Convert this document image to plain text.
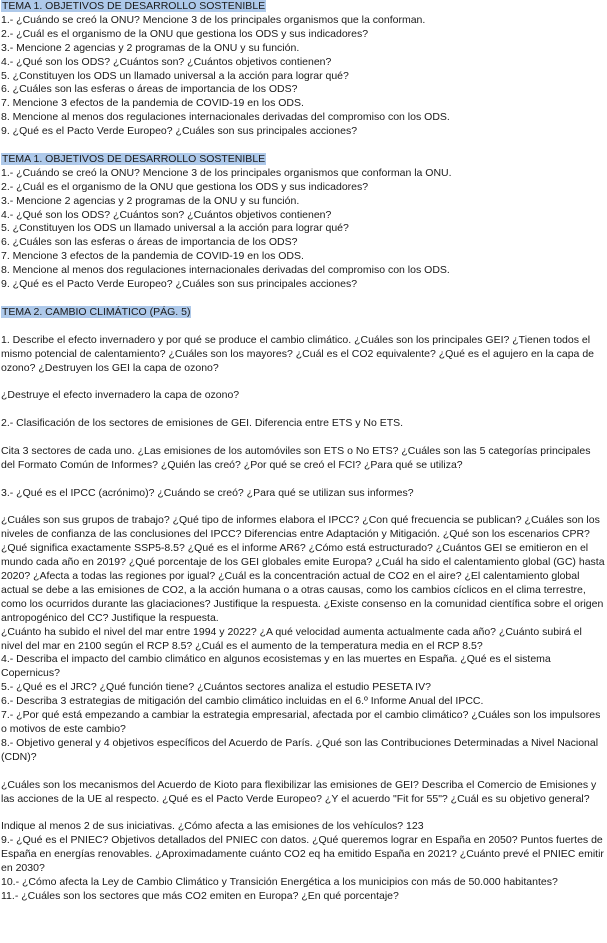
TEMA 1. OBJETIVOS DE DESARROLLO SOSTENIBLE
1.- ¿Cuándo se creó la ONU? Mencione 3 de los principales organismos que la conforman.
2.- ¿Cuál es el organismo de la ONU que gestiona los ODS y sus indicadores?
3.- Mencione 2 agencias y 2 programas de la ONU y su función.
4.- ¿Qué son los ODS? ¿Cuántos son? ¿Cuántos objetivos contienen?
5. ¿Constituyen los ODS un llamado universal a la acción para lograr qué?
6. ¿Cuáles son las esferas o áreas de importancia de los ODS?
7. Mencione 3 efectos de la pandemia de COVID-19 en los ODS.
8. Mencione al menos dos regulaciones internacionales derivadas del compromiso con los ODS.
9. ¿Qué es el Pacto Verde Europeo? ¿Cuáles son sus principales acciones?
TEMA 1. OBJETIVOS DE DESARROLLO SOSTENIBLE
1.- ¿Cuándo se creó la ONU? Mencione 3 de los principales organismos que conforman la ONU.
2.- ¿Cuál es el organismo de la ONU que gestiona los ODS y sus indicadores?
3.- Mencione 2 agencias y 2 programas de la ONU y su función.
4.- ¿Qué son los ODS? ¿Cuántos son? ¿Cuántos objetivos contienen?
5. ¿Constituyen los ODS un llamado universal a la acción para lograr qué?
6. ¿Cuáles son las esferas o áreas de importancia de los ODS?
7. Mencione 3 efectos de la pandemia de COVID-19 en los ODS.
8. Mencione al menos dos regulaciones internacionales derivadas del compromiso con los ODS.
9. ¿Qué es el Pacto Verde Europeo? ¿Cuáles son sus principales acciones?
TEMA 2. CAMBIO CLIMÁTICO (PÁG. 5)

1. Describe el efecto invernadero y por qué se produce el cambio climático. ¿Cuáles son los principales GEI? ¿Tienen todos el mismo potencial de calentamiento? ¿Cuáles son los mayores? ¿Cuál es el CO2 equivalente? ¿Qué es el agujero en la capa de ozono? ¿Destruyen los GEI la capa de ozono?

¿Destruye el efecto invernadero la capa de ozono?

2.- Clasificación de los sectores de emisiones de GEI. Diferencia entre ETS y No ETS.

Cita 3 sectores de cada uno. ¿Las emisiones de los automóviles son ETS o No ETS? ¿Cuáles son las 5 categorías principales del Formato Común de Informes? ¿Quién las creó? ¿Por qué se creó el FCI? ¿Para qué se utiliza?

3.- ¿Qué es el IPCC (acrónimo)? ¿Cuándo se creó? ¿Para qué se utilizan sus informes?

¿Cuáles son sus grupos de trabajo? ¿Qué tipo de informes elabora el IPCC? ¿Con qué frecuencia se publican? ¿Cuáles son los niveles de confianza de las conclusiones del IPCC? Diferencias entre Adaptación y Mitigación. ¿Qué son los escenarios CPR? ¿Qué significa exactamente SSP5-8.5? ¿Qué es el informe AR6? ¿Cómo está estructurado? ¿Cuántos GEI se emitieron en el mundo cada año en 2019? ¿Qué porcentaje de los GEI globales emite Europa? ¿Cuál ha sido el calentamiento global (GC) hasta 2020? ¿Afecta a todas las regiones por igual? ¿Cuál es la concentración actual de CO2 en el aire? ¿El calentamiento global actual se debe a las emisiones de CO2, a la acción humana o a otras causas, como los cambios cíclicos en el clima terrestre, como los ocurridos durante las glaciaciones? Justifique la respuesta. ¿Existe consenso en la comunidad científica sobre el origen antropogénico del CC? Justifique la respuesta.

¿Cuánto ha subido el nivel del mar entre 1994 y 2022? ¿A qué velocidad aumenta actualmente cada año? ¿Cuánto subirá el nivel del mar en 2100 según el RCP 8.5? ¿Cuál es el aumento de la temperatura media en el RCP 8.5?

4.- Describa el impacto del cambio climático en algunos ecosistemas y en las muertes en España. ¿Qué es el sistema Copernicus?

5.- ¿Qué es el JRC? ¿Qué función tiene? ¿Cuántos sectores analiza el estudio PESETA IV?

6.- Describa 3 estrategias de mitigación del cambio climático incluidas en el 6.º Informe Anual del IPCC.

7.- ¿Por qué está empezando a cambiar la estrategia empresarial, afectada por el cambio climático? ¿Cuáles son los impulsores o motivos de este cambio?

8.- Objetivo general y 4 objetivos específicos del Acuerdo de París. ¿Qué son las Contribuciones Determinadas a Nivel Nacional (CDN)?

¿Cuáles son los mecanismos del Acuerdo de Kioto para flexibilizar las emisiones de GEI? Describa el Comercio de Emisiones y las acciones de la UE al respecto. ¿Qué es el Pacto Verde Europeo? ¿Y el acuerdo "Fit for 55"? ¿Cuál es su objetivo general?

Indique al menos 2 de sus iniciativas. ¿Cómo afecta a las emisiones de los vehículos? 123

9.- ¿Qué es el PNIEC? Objetivos detallados del PNIEC con datos. ¿Qué queremos lograr en España en 2050? Puntos fuertes de España en energías renovables. ¿Aproximadamente cuánto CO2 eq ha emitido España en 2021? ¿Cuánto prevé el PNIEC emitir en 2030?

10.- ¿Cómo afecta la Ley de Cambio Climático y Transición Energética a los municipios con más de 50.000 habitantes?

11.- ¿Cuáles son los sectores que más CO2 emiten en Europa? ¿En qué porcentaje?
